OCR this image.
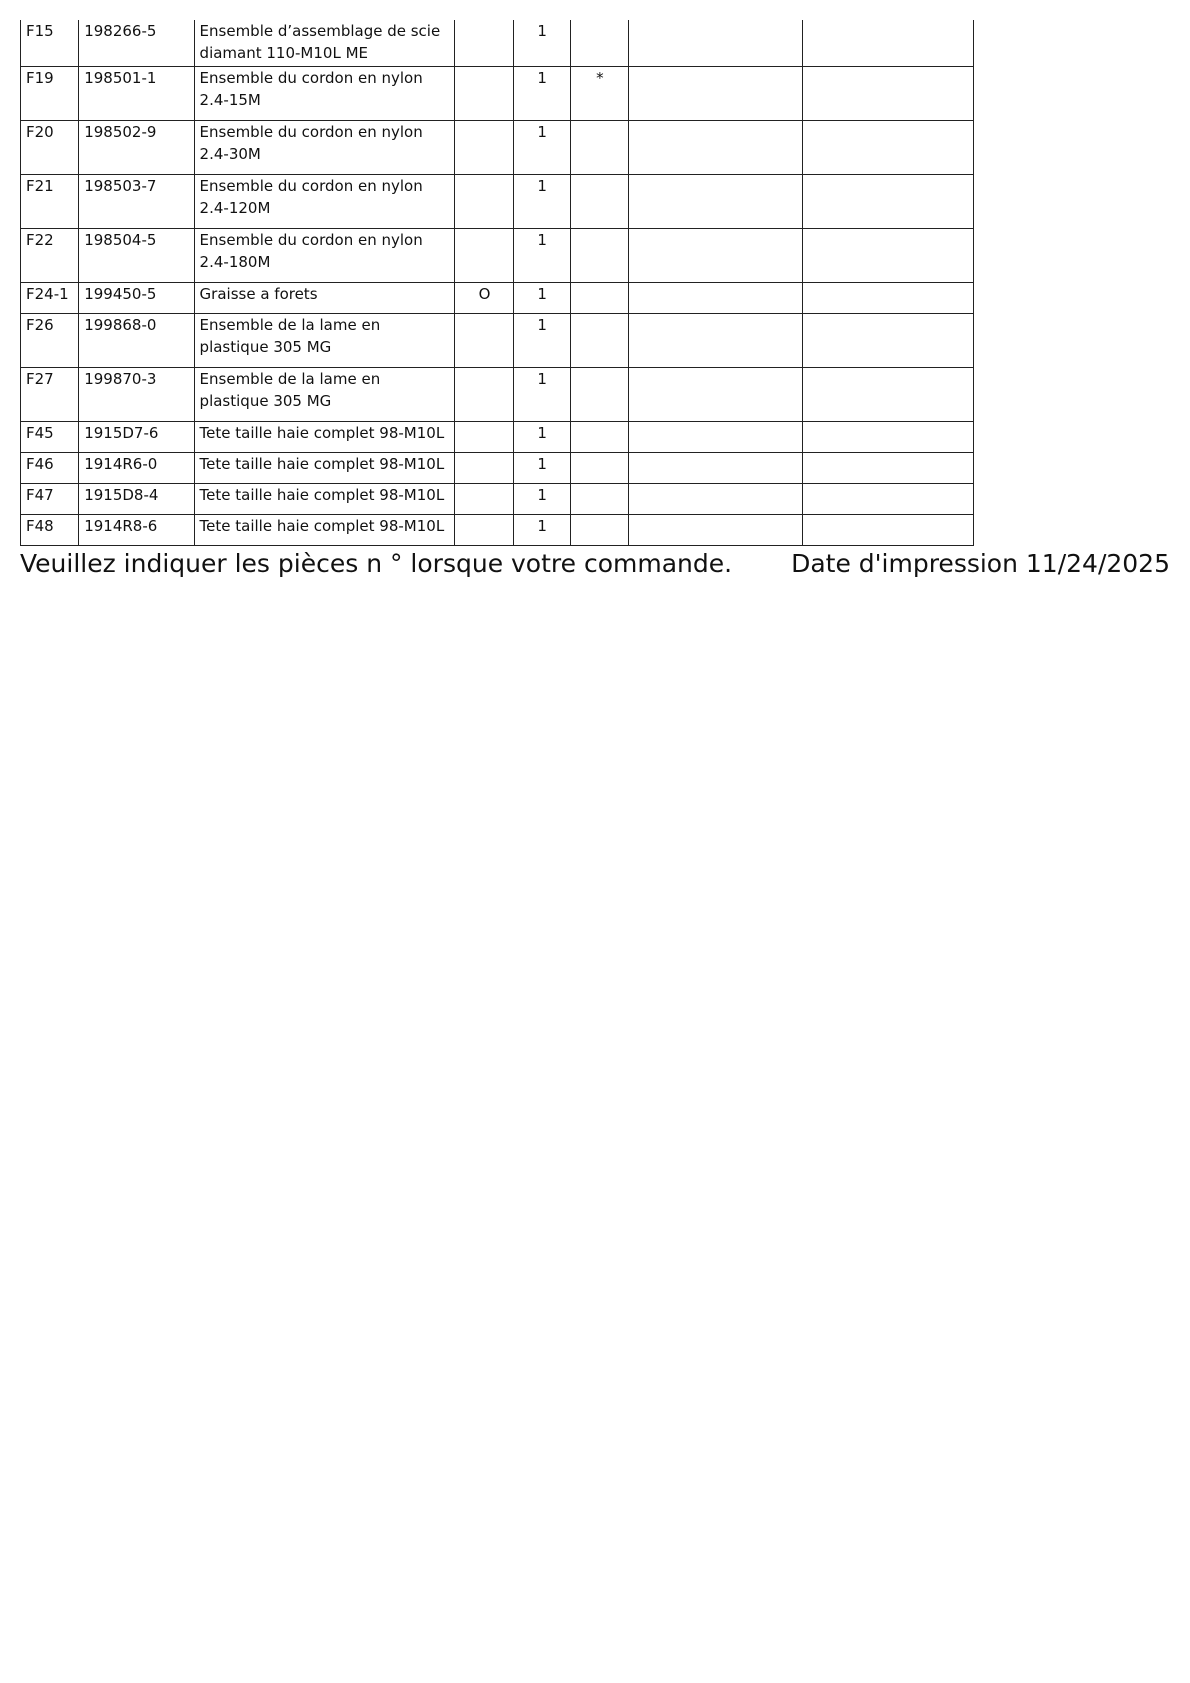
F15	198266-5	Ensemble d’assemblage de scie diamant 110-M10L ME		1			
F19	198501-1	Ensemble du cordon en nylon 2.4-15M		1	*		
F20	198502-9	Ensemble du cordon en nylon 2.4-30M		1			
F21	198503-7	Ensemble du cordon en nylon 2.4-120M		1			
F22	198504-5	Ensemble du cordon en nylon 2.4-180M		1			
F24-1	199450-5	Graisse a forets	O	1			
F26	199868-0	Ensemble de la lame en plastique 305 MG		1			
F27	199870-3	Ensemble de la lame en plastique 305 MG		1			
F45	1915D7-6	Tete taille haie complet 98-M10L		1			
F46	1914R6-0	Tete taille haie complet 98-M10L		1			
F47	1915D8-4	Tete taille haie complet 98-M10L		1			
F48	1914R8-6	Tete taille haie complet 98-M10L		1			
Veuillez indiquer les pièces n ° lorsque votre commande. Date d'impression 11/24/2025
